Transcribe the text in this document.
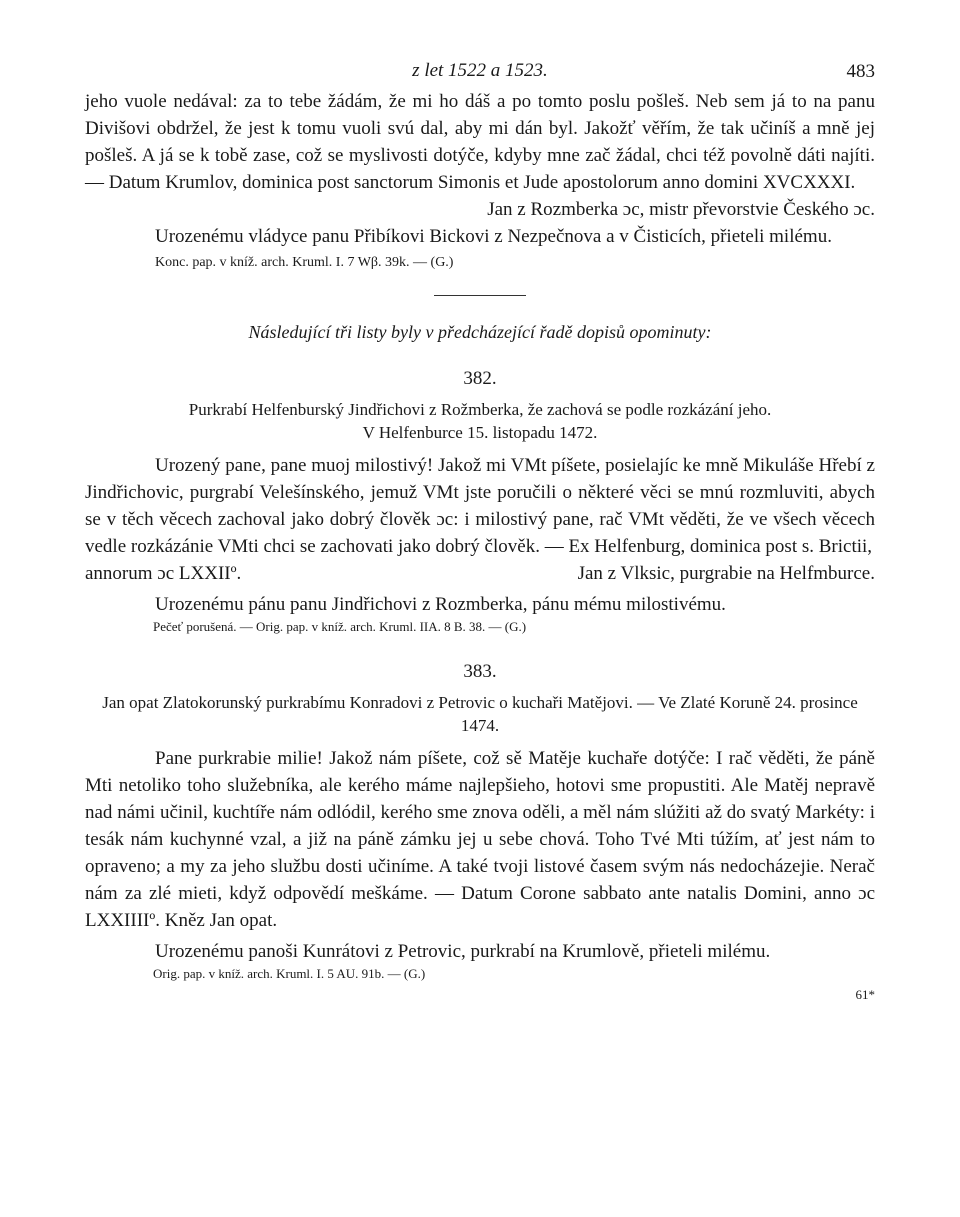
z let 1522 a 1523.	483

jeho vuole nedával: za to tebe žádám, že mi ho dáš a po tomto poslu pošleš. Neb sem já to na panu Divišovi obdržel, že jest k tomu vuoli svú dal, aby mi dán byl. Jakožť věřím, že tak učiníš a mně jej pošleš. A já se k tobě zase, což se myslivosti dotýče, kdyby mne zač žádal, chci též povolně dáti najíti. — Datum Krumlov, dominica post sanctorum Simonis et Jude apostolorum anno domini XVCXXXI.

Jan z Rozmberka ɔc, mistr převorstvie Českého ɔc.

Urozenému vládyce panu Přibíkovi Bickovi z Nezpečnova a v Čisticích, přieteli milému.

Konc. pap. v kníž. arch. Kruml. I. 7 Wβ. 39k. — (G.)

Následující tři listy byly v předcházející řadě dopisů opominuty:

382.

Purkrabí Helfenburský Jindřichovi z Rožmberka, že zachová se podle rozkázání jeho.
V Helfenburce 15. listopadu 1472.

Urozený pane, pane muoj milostivý! Jakož mi VMt píšete, posielajíc ke mně Mikuláše Hřebí z Jindřichovic, purgrabí Velešínského, jemuž VMt jste poručili o některé věci se mnú rozmluviti, abych se v těch věcech zachoval jako dobrý člověk ɔc: i milostivý pane, rač VMt věděti, že ve všech věcech vedle rozkázánie VMti chci se zachovati jako dobrý člověk. — Ex Helfenburg, dominica post s. Brictii,

annorum ɔc LXXIIº.	Jan z Vlksic, purgrabie na Helfmburce.

Urozenému pánu panu Jindřichovi z Rozmberka, pánu mému milostivému.

Pečeť porušená. — Orig. pap. v kníž. arch. Kruml. IIA. 8 B. 38. — (G.)

383.

Jan opat Zlatokorunský purkrabímu Konradovi z Petrovic o kuchaři Matějovi. — Ve Zlaté Koruně 24. prosince 1474.

Pane purkrabie milie! Jakož nám píšete, což sě Matěje kuchaře dotýče: I rač věděti, že páně Mti netoliko toho služebníka, ale kerého máme najlepšieho, hotovi sme propustiti. Ale Matěj nepravě nad námi učinil, kuchtíře nám odlódil, kerého sme znova oděli, a měl nám slúžiti až do svatý Markéty: i tesák nám kuchynné vzal, a již na páně zámku jej u sebe chová. Toho Tvé Mti túžím, ať jest nám to opraveno; a my za jeho službu dosti učiníme. A také tvoji listové časem svým nás nedocházejie. Nerač nám za zlé mieti, když odpovědí meškáme. — Datum Corone sabbato ante natalis Domini, anno ɔc LXXIIIIº. Kněz Jan opat.

Urozenému panoši Kunrátovi z Petrovic, purkrabí na Krumlově, přieteli milému.

Orig. pap. v kníž. arch. Kruml. I. 5 AU. 91b. — (G.)

61*
